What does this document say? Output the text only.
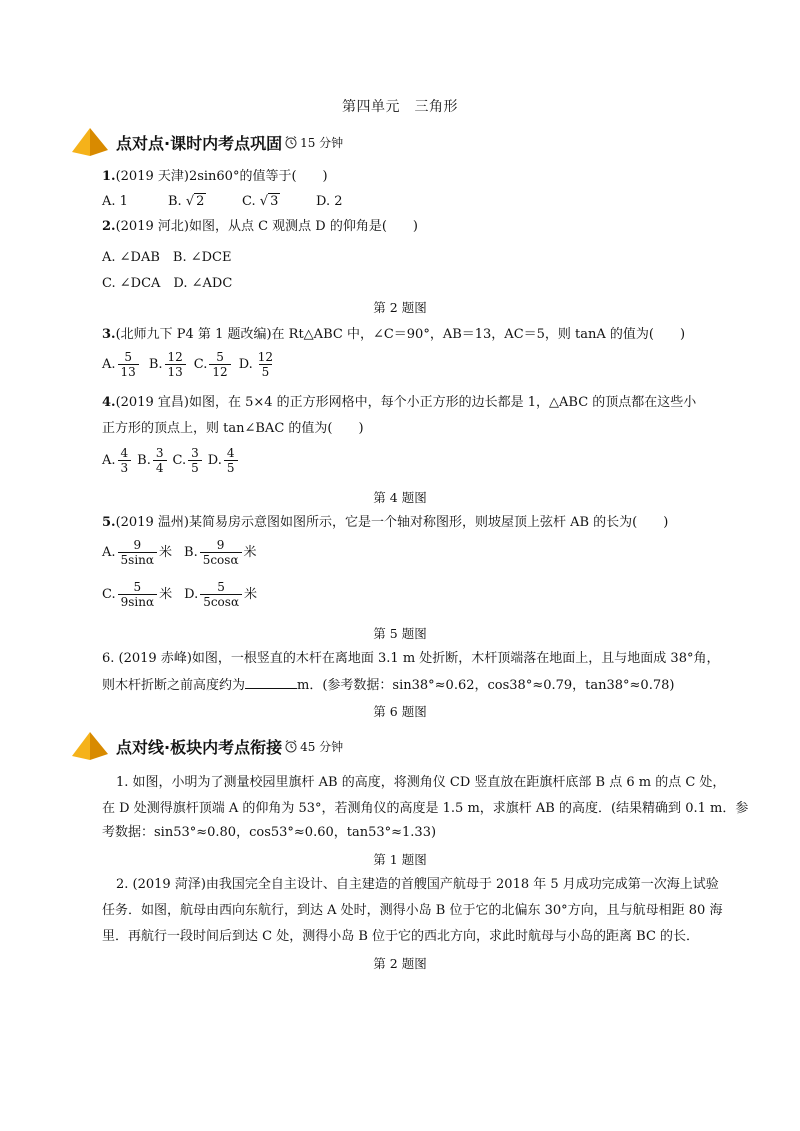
第四单元　三角形
点对点·课时内考点巩固 15 分钟
1.(2019 天津)2sin60°的值等于(　　)
A. 1	B. √ 2	C. √ 3	D. 2
2.(2019 河北)如图，从点 C 观测点 D 的仰角是(　　)
A. ∠DAB　B. ∠DCE
C. ∠DCA　D. ∠ADC
第 2 题图
3.(北师九下 P4 第 1 题改编)在 Rt△ABC 中，∠C＝90°，AB＝13，AC＝5，则 tanA 的值为(　　)
A. $\frac{5}{13} B$. $\frac{12}{13} C$. $\frac{5}{12} D$. $\frac{12}{5}$
4.(2019 宜昌)如图，在 5×4 的正方形网格中，每个小正方形的边长都是 1，△ABC 的顶点都在这些小
正方形的顶点上，则 tan∠BAC 的值为(　　)
A. $\frac{4}{3} B$. $\frac{3}{4} C$. $\frac{3}{5} D$. $\frac{4}{5}$
第 4 题图
5.(2019 温州)某简易房示意图如图所示，它是一个轴对称图形，则坡屋顶上弦杆 AB 的长为(　　)
A. $\frac{9}{5\sin\alpha}$ 米 B. $\frac{9}{5\cos\alpha}$ 米
C. $\frac{5}{9\sin\alpha}$ 米 D. $\frac{5}{5\cos\alpha}$ 米
第 5 题图
6. (2019 赤峰)如图，一根竖直的木杆在离地面 3.1 m 处折断，木杆顶端落在地面上，且与地面成 38°角，
则木杆折断之前高度约为	m．(参考数据：sin38°≈0.62，cos38°≈0.79，tan38°≈0.78)
第 6 题图
点对线·板块内考点衔接 45 分钟
1. 如图，小明为了测量校园里旗杆 AB 的高度，将测角仪 CD 竖直放在距旗杆底部 B 点 6 m 的点 C 处，
在 D 处测得旗杆顶端 A 的仰角为 53°，若测角仪的高度是 1.5 m，求旗杆 AB 的高度．(结果精确到 0.1 m．参
考数据：sin53°≈0.80，cos53°≈0.60，tan53°≈1.33)
第 1 题图
2. (2019 菏泽)由我国完全自主设计、自主建造的首艘国产航母于 2018 年 5 月成功完成第一次海上试验
任务．如图，航母由西向东航行，到达 A 处时，测得小岛 B 位于它的北偏东 30°方向，且与航母相距 80 海
里．再航行一段时间后到达 C 处，测得小岛 B 位于它的西北方向，求此时航母与小岛的距离 BC 的长．
第 2 题图
